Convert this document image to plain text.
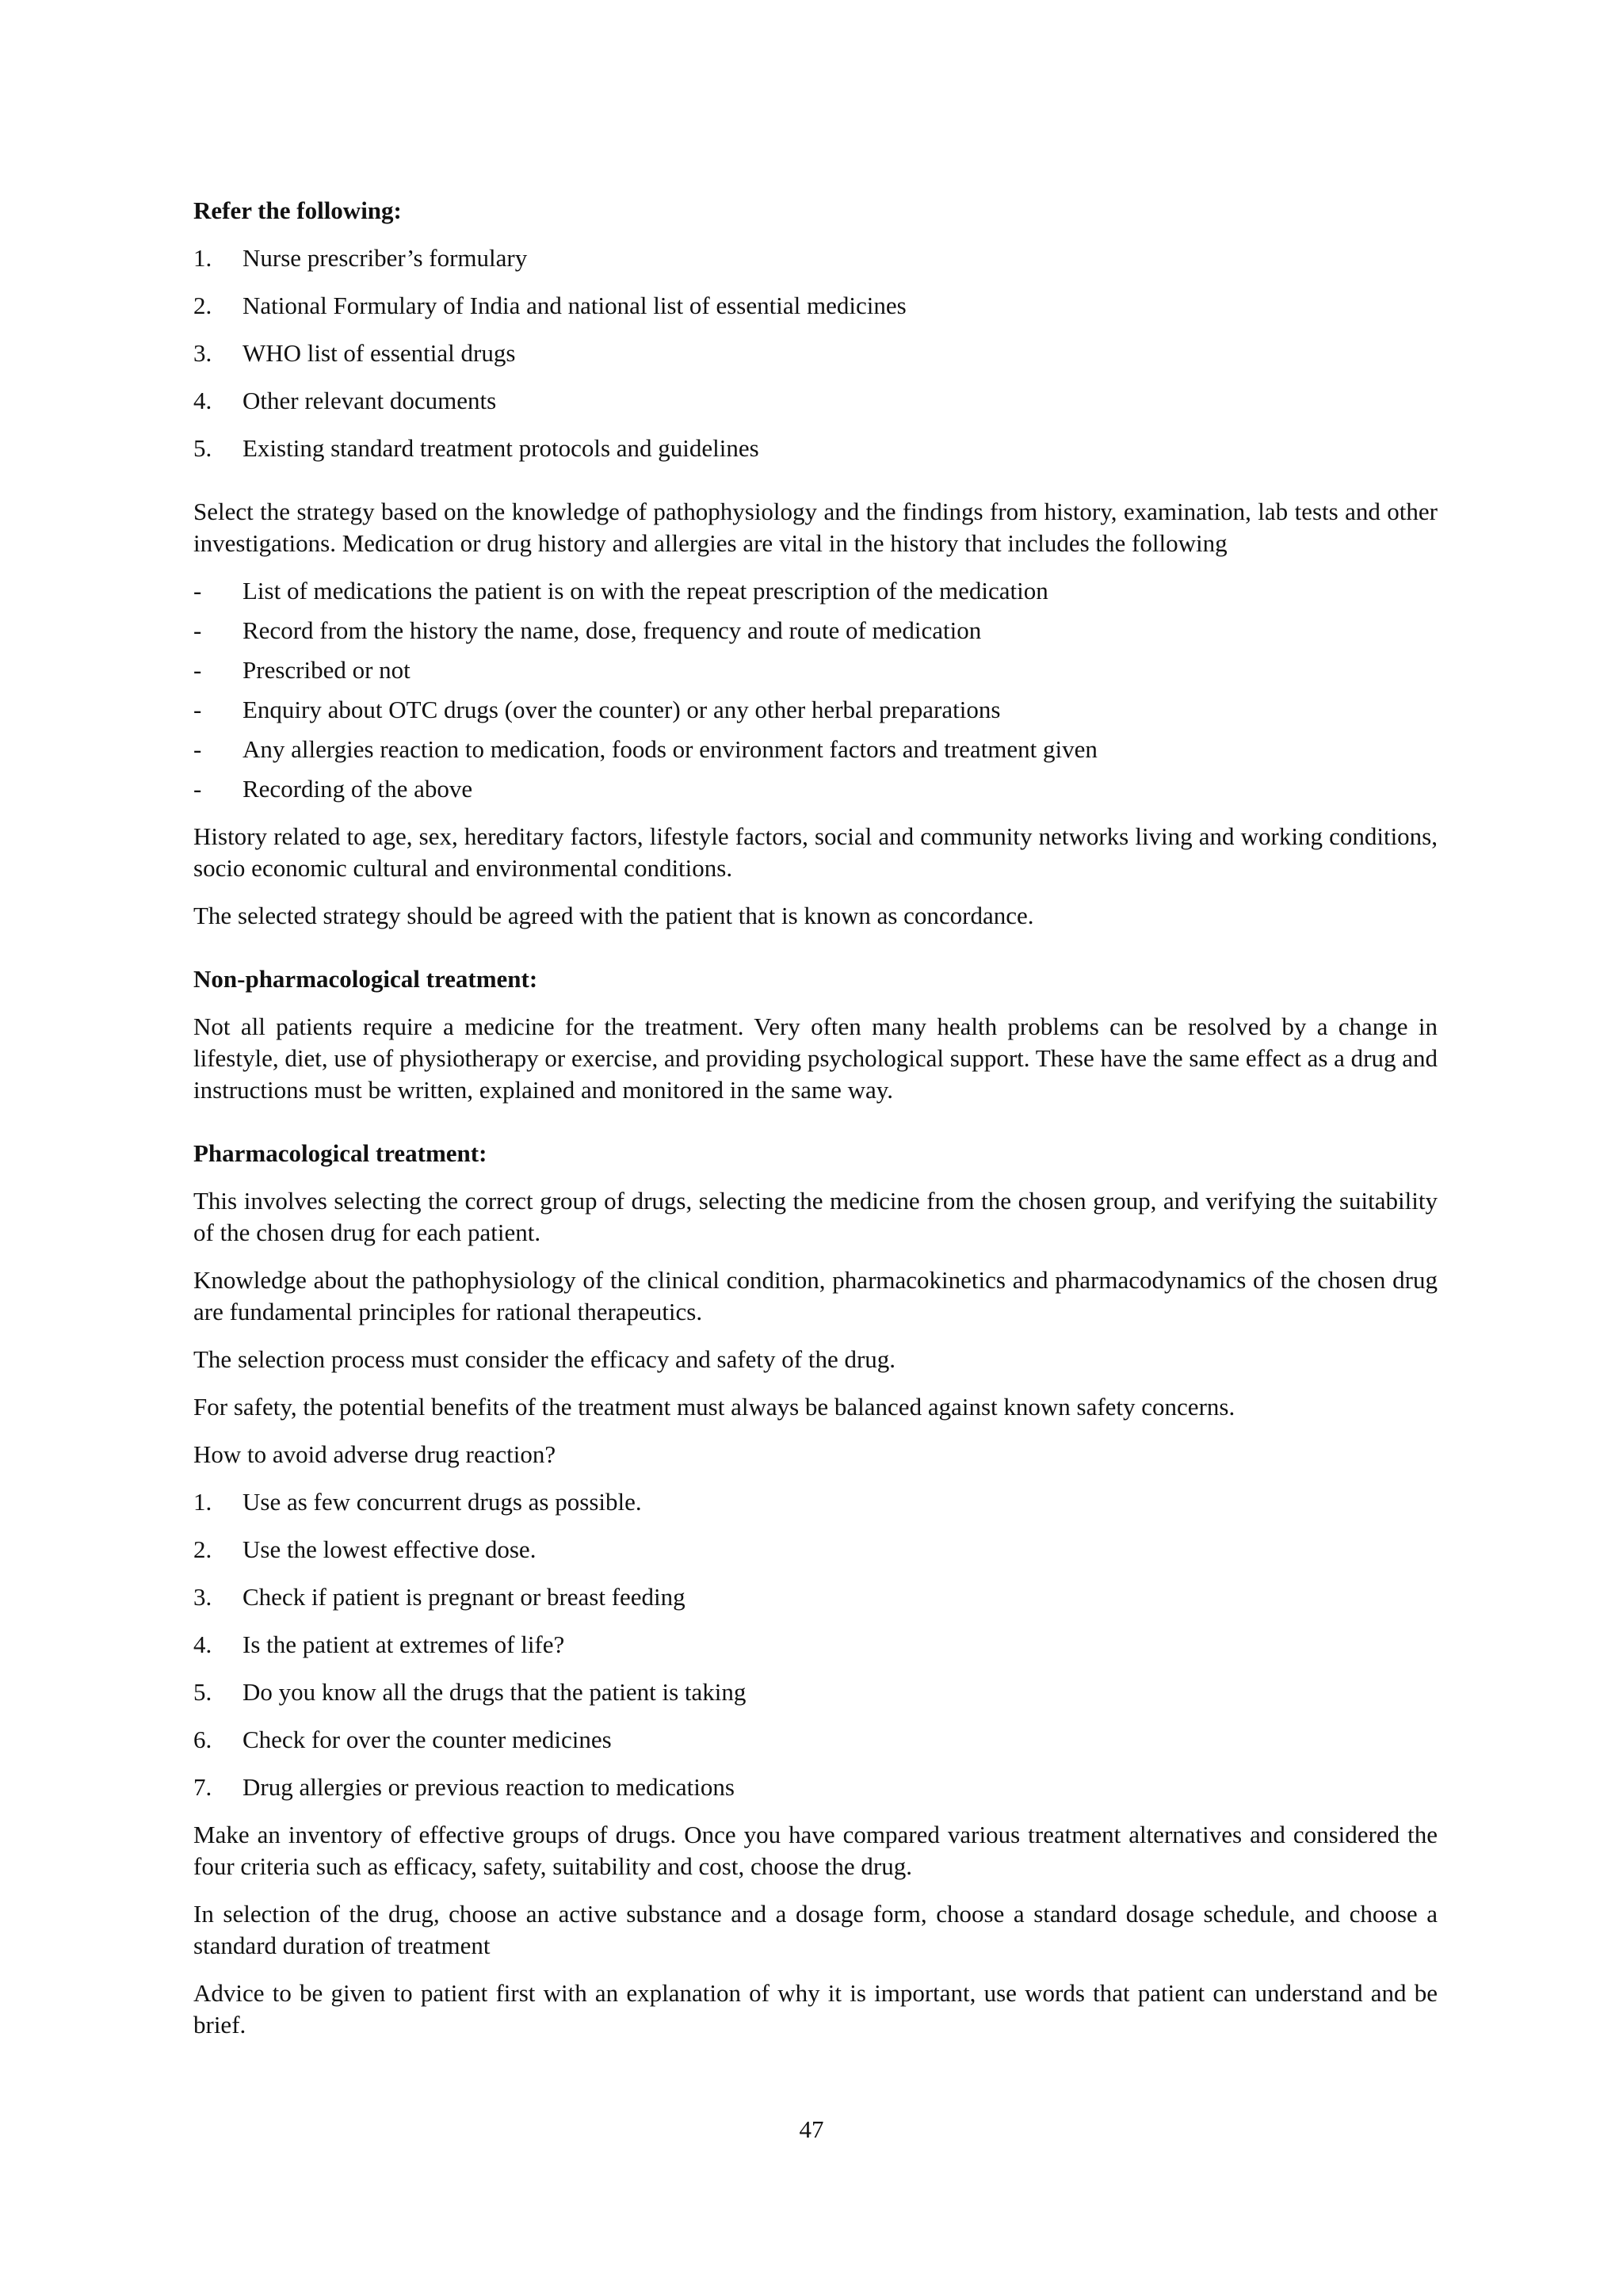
Refer the following:
1.	Nurse prescriber’s formulary
2.	National Formulary of India and national list of essential medicines
3.	WHO list of essential drugs
4.	Other relevant documents
5.	Existing standard treatment protocols and guidelines

Select the strategy based on the knowledge of pathophysiology and the findings from history, examination, lab tests and other investigations. Medication or drug history and allergies are vital in the history that includes the following

-	List of medications the patient is on with the repeat prescription of the medication
-	Record from the history the name, dose, frequency and route of medication
-	Prescribed or not
-	Enquiry about OTC drugs (over the counter) or any other herbal preparations
-	Any allergies reaction to medication, foods or environment factors and treatment given
-	Recording of the above

History related to age, sex, hereditary factors, lifestyle factors, social and community networks living and working conditions, socio economic cultural and environmental conditions.

The selected strategy should be agreed with the patient that is known as concordance.

Non-pharmacological treatment:

Not all patients require a medicine for the treatment. Very often many health problems can be resolved by a change in lifestyle, diet, use of physiotherapy or exercise, and providing psychological support. These have the same effect as a drug and instructions must be written, explained and monitored in the same way.

Pharmacological treatment:

This involves selecting the correct group of drugs, selecting the medicine from the chosen group, and verifying the suitability of the chosen drug for each patient.

Knowledge about the pathophysiology of the clinical condition, pharmacokinetics and pharmacodynamics of the chosen drug are fundamental principles for rational therapeutics.

The selection process must consider the efficacy and safety of the drug.

For safety, the potential benefits of the treatment must always be balanced against known safety concerns.

How to avoid adverse drug reaction?

1.	Use as few concurrent drugs as possible.
2.	Use the lowest effective dose.
3.	Check if patient is pregnant or breast feeding
4.	Is the patient at extremes of life?
5.	Do you know all the drugs that the patient is taking
6.	Check for over the counter medicines
7.	Drug allergies or previous reaction to medications

Make an inventory of effective groups of drugs. Once you have compared various treatment alternatives and considered the four criteria such as efficacy, safety, suitability and cost, choose the drug.

In selection of the drug, choose an active substance and a dosage form, choose a standard dosage schedule, and choose a standard duration of treatment

Advice to be given to patient first with an explanation of why it is important, use words that patient can understand and be brief.

47
